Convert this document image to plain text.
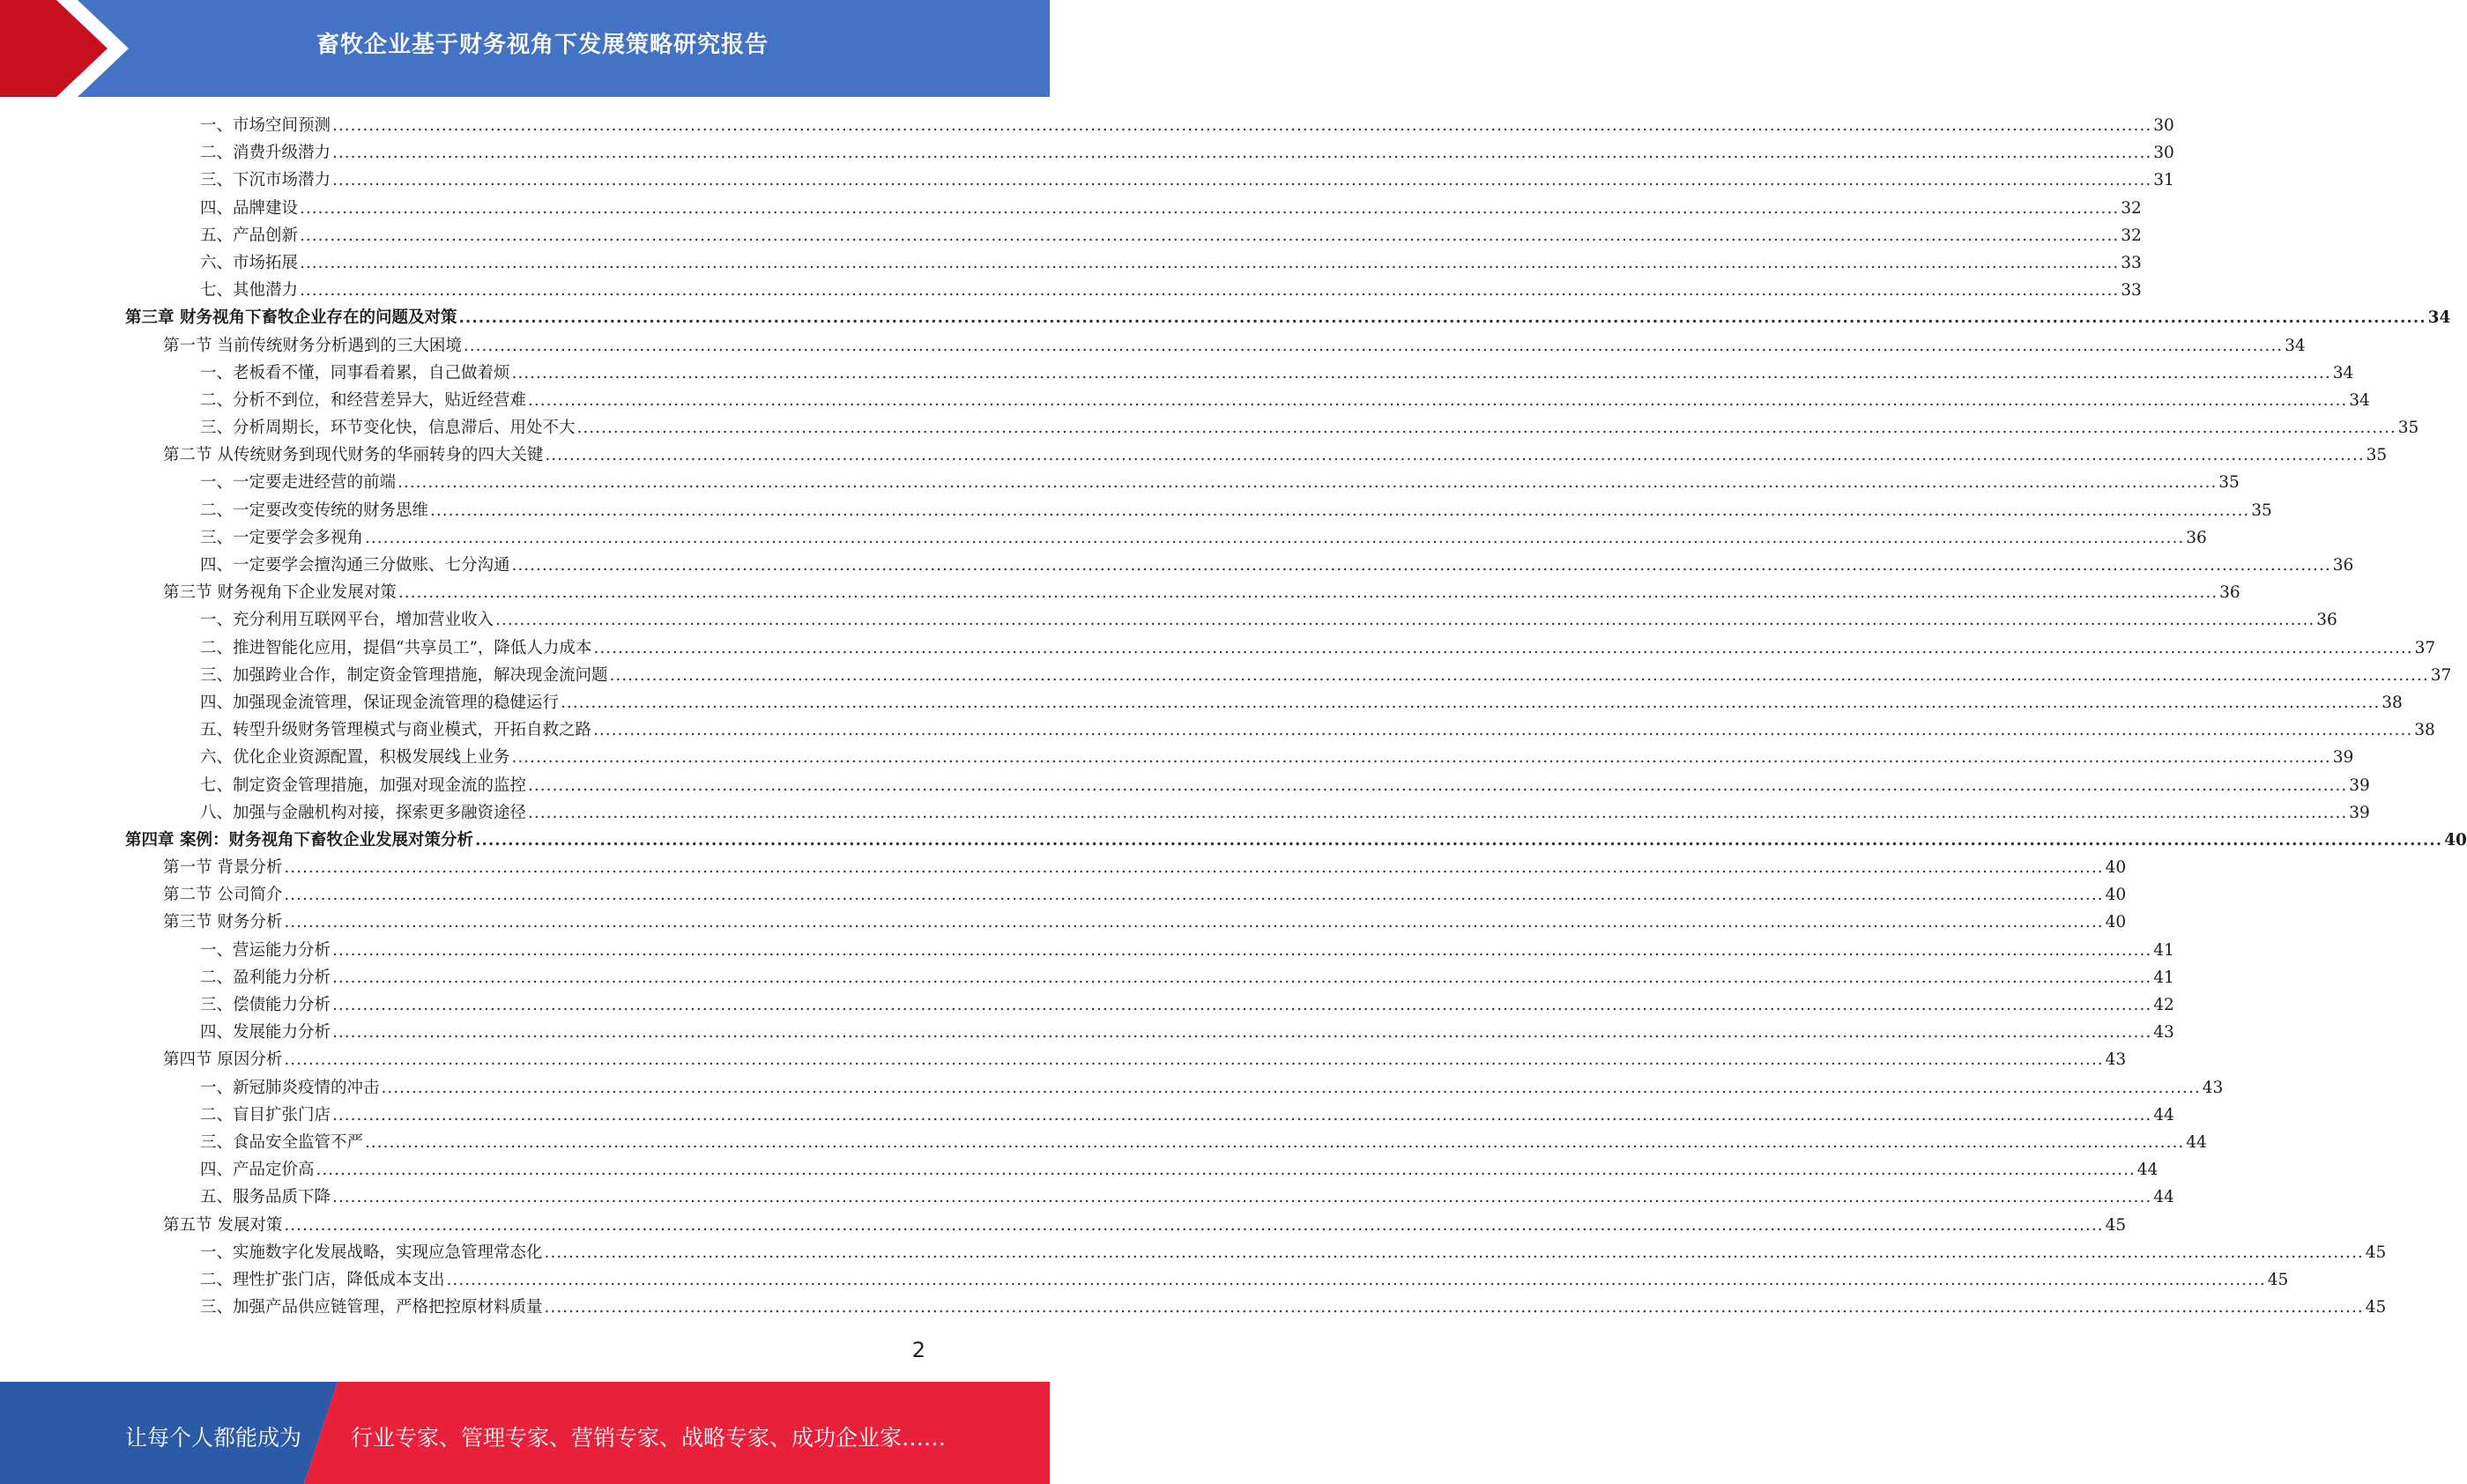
畜牧企业基于财务视角下发展策略研究报告
一、市场空间预测 ............................................................................................................................................................................................................................................................................................................ 30
二、消费升级潜力 ............................................................................................................................................................................................................................................................................................................ 30
三、下沉市场潜力 ............................................................................................................................................................................................................................................................................................................ 31
四、品牌建设 ............................................................................................................................................................................................................................................................................................................ 32
五、产品创新 ............................................................................................................................................................................................................................................................................................................ 32
六、市场拓展 ............................................................................................................................................................................................................................................................................................................ 33
七、其他潜力 ............................................................................................................................................................................................................................................................................................................ 33
第三章 财务视角下畜牧企业存在的问题及对策 ............................................................................................................................................................................................................................................................................................................ 34
第一节 当前传统财务分析遇到的三大困境 ............................................................................................................................................................................................................................................................................................................ 34
一、老板看不懂，同事看着累，自己做着烦 ............................................................................................................................................................................................................................................................................................................ 34
二、分析不到位，和经营差异大，贴近经营难 ............................................................................................................................................................................................................................................................................................................ 34
三、分析周期长，环节变化快，信息滞后、用处不大 ............................................................................................................................................................................................................................................................................................................ 35
第二节 从传统财务到现代财务的华丽转身的四大关键 ............................................................................................................................................................................................................................................................................................................ 35
一、一定要走进经营的前端 ............................................................................................................................................................................................................................................................................................................ 35
二、一定要改变传统的财务思维 ............................................................................................................................................................................................................................................................................................................ 35
三、一定要学会多视角 ............................................................................................................................................................................................................................................................................................................ 36
四、一定要学会擅沟通三分做账、七分沟通 ............................................................................................................................................................................................................................................................................................................ 36
第三节 财务视角下企业发展对策 ............................................................................................................................................................................................................................................................................................................ 36
一、充分利用互联网平台，增加营业收入 ............................................................................................................................................................................................................................................................................................................ 36
二、推进智能化应用，提倡“共享员工”，降低人力成本 ............................................................................................................................................................................................................................................................................................................ 37
三、加强跨业合作，制定资金管理措施，解决现金流问题 ............................................................................................................................................................................................................................................................................................................ 37
四、加强现金流管理，保证现金流管理的稳健运行 ............................................................................................................................................................................................................................................................................................................ 38
五、转型升级财务管理模式与商业模式，开拓自救之路 ............................................................................................................................................................................................................................................................................................................ 38
六、优化企业资源配置，积极发展线上业务 ............................................................................................................................................................................................................................................................................................................ 39
七、制定资金管理措施，加强对现金流的监控 ............................................................................................................................................................................................................................................................................................................ 39
八、加强与金融机构对接，探索更多融资途径 ............................................................................................................................................................................................................................................................................................................ 39
第四章 案例：财务视角下畜牧企业发展对策分析 ............................................................................................................................................................................................................................................................................................................ 40
第一节 背景分析 ............................................................................................................................................................................................................................................................................................................ 40
第二节 公司简介 ............................................................................................................................................................................................................................................................................................................ 40
第三节 财务分析 ............................................................................................................................................................................................................................................................................................................ 40
一、营运能力分析 ............................................................................................................................................................................................................................................................................................................ 41
二、盈利能力分析 ............................................................................................................................................................................................................................................................................................................ 41
三、偿债能力分析 ............................................................................................................................................................................................................................................................................................................ 42
四、发展能力分析 ............................................................................................................................................................................................................................................................................................................ 43
第四节 原因分析 ............................................................................................................................................................................................................................................................................................................ 43
一、新冠肺炎疫情的冲击 ............................................................................................................................................................................................................................................................................................................ 43
二、盲目扩张门店 ............................................................................................................................................................................................................................................................................................................ 44
三、食品安全监管不严 ............................................................................................................................................................................................................................................................................................................ 44
四、产品定价高 ............................................................................................................................................................................................................................................................................................................ 44
五、服务品质下降 ............................................................................................................................................................................................................................................................................................................ 44
第五节 发展对策 ............................................................................................................................................................................................................................................................................................................ 45
一、实施数字化发展战略，实现应急管理常态化 ............................................................................................................................................................................................................................................................................................................ 45
二、理性扩张门店，降低成本支出 ............................................................................................................................................................................................................................................................................................................ 45
三、加强产品供应链管理，严格把控原材料质量 ............................................................................................................................................................................................................................................................................................................ 45
2
让每个人都能成为 行业专家、管理专家、营销专家、战略专家、成功企业家……
